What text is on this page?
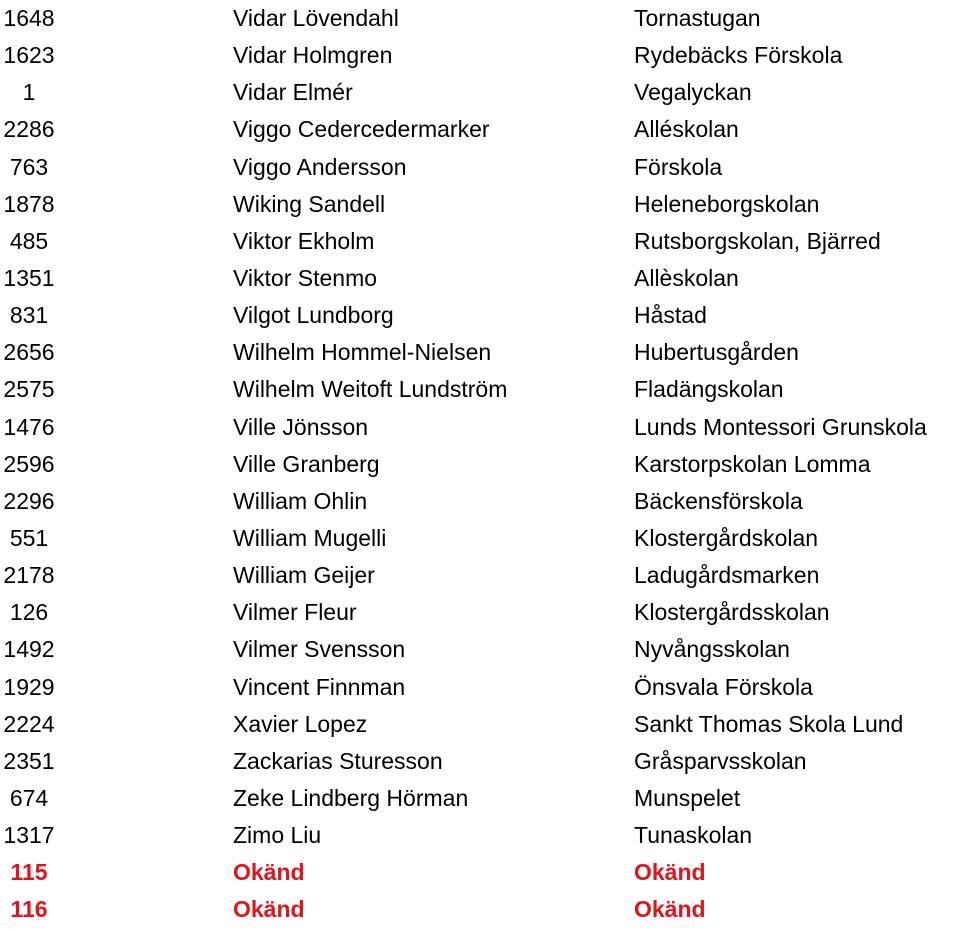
1648	Vidar Lövendahl	Tornastugan
1623	Vidar Holmgren	Rydebäcks Förskola
1	Vidar Elmér	Vegalyckan
2286	Viggo Cedercedermarker	Alléskolan
763	Viggo Andersson	Förskola
1878	Wiking Sandell	Heleneborgskolan
485	Viktor Ekholm	Rutsborgskolan, Bjärred
1351	Viktor Stenmo	Allèskolan
831	Vilgot Lundborg	Håstad
2656	Wilhelm Hommel-Nielsen	Hubertusgården
2575	Wilhelm Weitoft Lundström	Fladängskolan
1476	Ville Jönsson	Lunds Montessori Grunskola
2596	Ville Granberg	Karstorpskolan Lomma
2296	William Ohlin	Bäckensförskola
551	William Mugelli	Klostergårdskolan
2178	William Geijer	Ladugårdsmarken
126	Vilmer Fleur	Klostergårdsskolan
1492	Vilmer Svensson	Nyvångsskolan
1929	Vincent Finnman	Önsvala Förskola
2224	Xavier Lopez	Sankt Thomas Skola Lund
2351	Zackarias Sturesson	Gråsparvsskolan
674	Zeke Lindberg Hörman	Munspelet
1317	Zimo Liu	Tunaskolan
115	Okänd	Okänd
116	Okänd	Okänd
